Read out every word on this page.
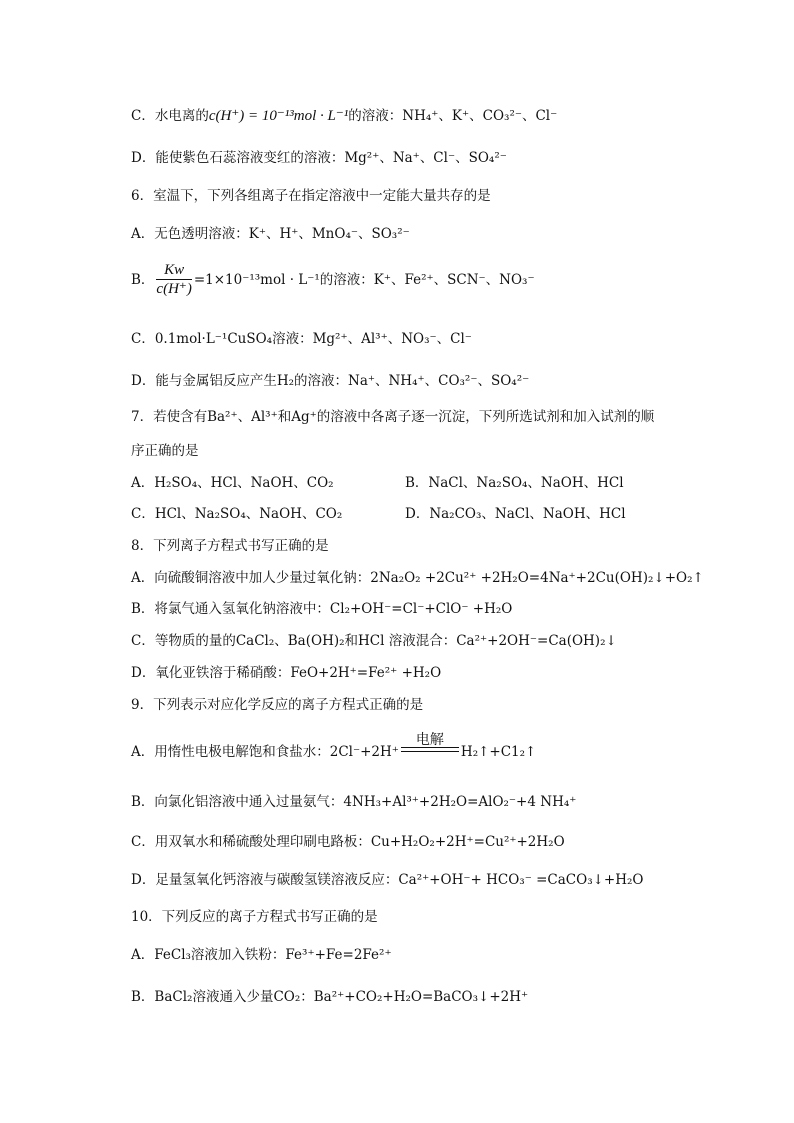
C．水电离的c(H⁺) = 10⁻¹³mol · L⁻¹的溶液：NH₄⁺、K⁺、CO₃²⁻、Cl⁻
D．能使紫色石蕊溶液变红的溶液：Mg²⁺、Na⁺、Cl⁻、SO₄²⁻
6．室温下，下列各组离子在指定溶液中一定能大量共存的是
A．无色透明溶液：K⁺、H⁺、MnO₄⁻、SO₃²⁻
B． $\frac{Kw}{c(H^+)} =1\times 10^{-13}mol \cdot L^{-1}$的溶液：K⁺、Fe²⁺、SCN⁻、NO₃⁻
C．0.1mol·L⁻¹CuSO₄溶液：Mg²⁺、Al³⁺、NO₃⁻、Cl⁻
D．能与金属铝反应产生H₂的溶液：Na⁺、NH₄⁺、CO₃²⁻、SO₄²⁻
7．若使含有Ba²⁺、Al³⁺和Ag⁺的溶液中各离子逐一沉淀，下列所选试剂和加入试剂的顺
序正确的是
A．H₂SO₄、HCl、NaOH、CO₂	B．NaCl、Na₂SO₄、NaOH、HCl
C．HCl、Na₂SO₄、NaOH、CO₂	D．Na₂CO₃、NaCl、NaOH、HCl
8．下列离子方程式书写正确的是
A．向硫酸铜溶液中加人少量过氧化钠：2Na₂O₂ +2Cu²⁺ +2H₂O=4Na⁺+2Cu(OH)₂↓+O₂↑
B．将氯气通入氢氧化钠溶液中：Cl₂+OH⁻=Cl⁻+ClO⁻ +H₂O
C．等物质的量的CaCl₂、Ba(OH)₂和HCl 溶液混合：Ca²⁺+2OH⁻=Ca(OH)₂↓
D．氧化亚铁溶于稀硝酸：FeO+2H⁺=Fe²⁺ +H₂O
9．下列表示对应化学反应的离子方程式正确的是
A．用惰性电极电解饱和食盐水：2Cl⁻+2H⁺
电解
H₂↑+C1₂↑
B．向氯化铝溶液中通入过量氨气：4NH₃+Al³⁺+2H₂O=AlO₂⁻+4 NH₄⁺
C．用双氧水和稀硫酸处理印刷电路板：Cu+H₂O₂+2H⁺=Cu²⁺+2H₂O
D．足量氢氧化钙溶液与碳酸氢镁溶液反应：Ca²⁺+OH⁻+ HCO₃⁻ =CaCO₃↓+H₂O
10．下列反应的离子方程式书写正确的是
A．FeCl₃溶液加入铁粉：Fe³⁺+Fe=2Fe²⁺
B．BaCl₂溶液通入少量CO₂：Ba²⁺+CO₂+H₂O=BaCO₃↓+2H⁺
